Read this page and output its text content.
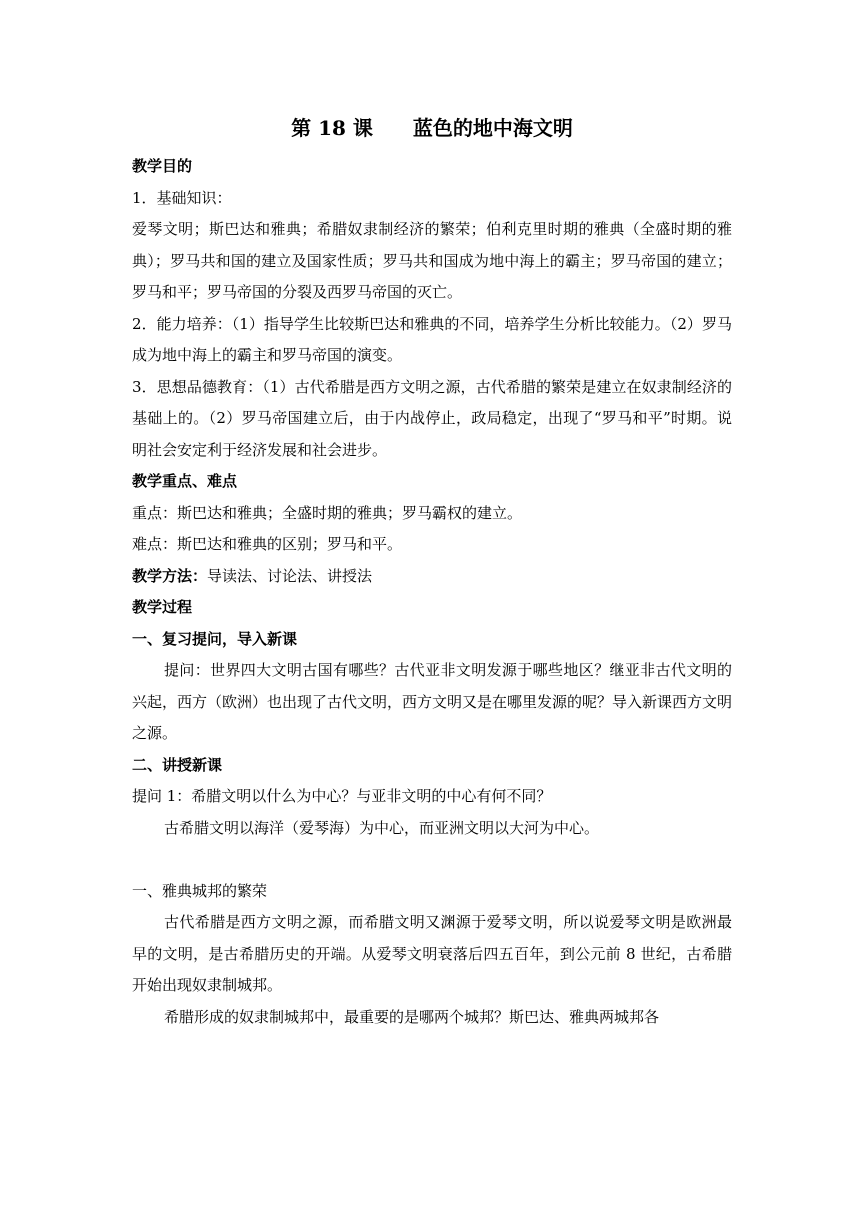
第 18 课　　蓝色的地中海文明

教学目的

1．基础知识：

爱琴文明；斯巴达和雅典；希腊奴隶制经济的繁荣；伯利克里时期的雅典（全盛时期的雅典）；罗马共和国的建立及国家性质；罗马共和国成为地中海上的霸主；罗马帝国的建立；罗马和平；罗马帝国的分裂及西罗马帝国的灭亡。

2．能力培养：（1）指导学生比较斯巴达和雅典的不同，培养学生分析比较能力。（2）罗马成为地中海上的霸主和罗马帝国的演变。

3．思想品德教育：（1）古代希腊是西方文明之源，古代希腊的繁荣是建立在奴隶制经济的基础上的。（2）罗马帝国建立后，由于内战停止，政局稳定，出现了“罗马和平”时期。说明社会安定利于经济发展和社会进步。

教学重点、难点

重点：斯巴达和雅典；全盛时期的雅典；罗马霸权的建立。

难点：斯巴达和雅典的区别；罗马和平。

教学方法：导读法、讨论法、讲授法

教学过程

一、复习提问，导入新课

提问：世界四大文明古国有哪些？古代亚非文明发源于哪些地区？继亚非古代文明的兴起，西方（欧洲）也出现了古代文明，西方文明又是在哪里发源的呢？导入新课西方文明之源。

二、讲授新课

提问 1：希腊文明以什么为中心？与亚非文明的中心有何不同？

古希腊文明以海洋（爱琴海）为中心，而亚洲文明以大河为中心。

一、雅典城邦的繁荣

古代希腊是西方文明之源，而希腊文明又渊源于爱琴文明，所以说爱琴文明是欧洲最早的文明，是古希腊历史的开端。从爱琴文明衰落后四五百年，到公元前 8 世纪，古希腊开始出现奴隶制城邦。

希腊形成的奴隶制城邦中，最重要的是哪两个城邦？斯巴达、雅典两城邦各
